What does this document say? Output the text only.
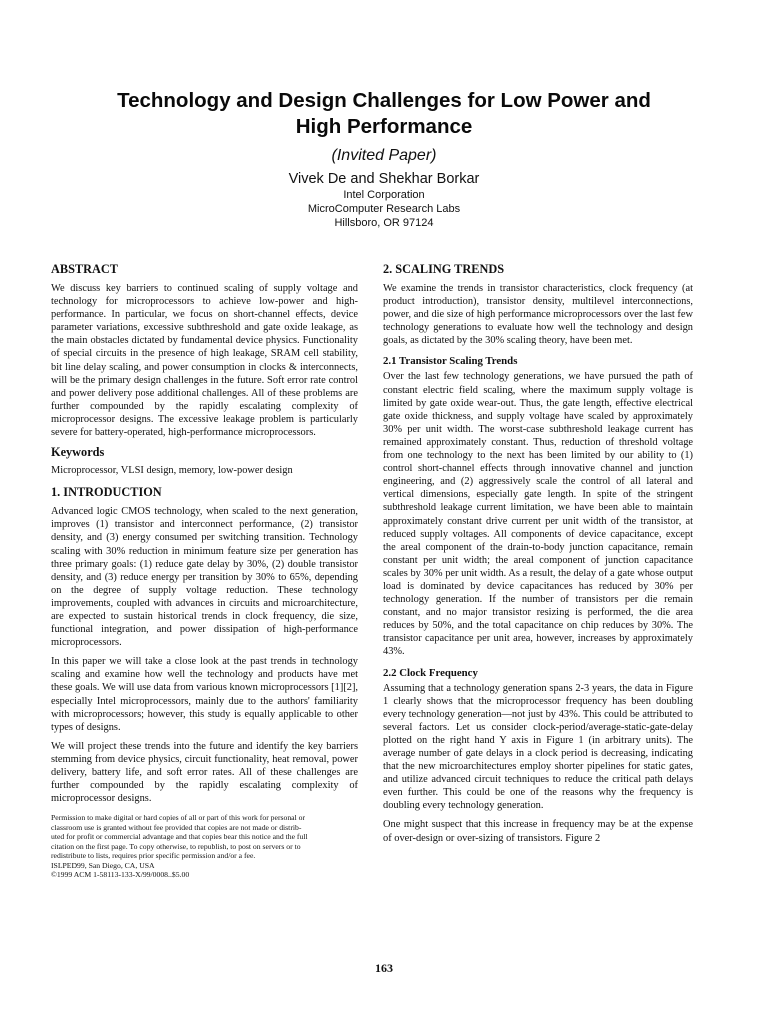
Technology and Design Challenges for Low Power and
High Performance
(Invited Paper)
Vivek De and Shekhar Borkar
Intel Corporation
MicroComputer Research Labs
Hillsboro, OR 97124
ABSTRACT

We discuss key barriers to continued scaling of supply voltage and technology for microprocessors to achieve low-power and high-performance. In particular, we focus on short-channel effects, device parameter variations, excessive subthreshold and gate oxide leakage, as the main obstacles dictated by fundamental device physics. Functionality of special circuits in the presence of high leakage, SRAM cell stability, bit line delay scaling, and power consumption in clocks & interconnects, will be the primary design challenges in the future. Soft error rate control and power delivery pose additional challenges. All of these problems are further compounded by the rapidly escalating complexity of microprocessor designs. The excessive leakage problem is particularly severe for battery-operated, high-performance microprocessors.

Keywords

Microprocessor, VLSI design, memory, low-power design

1. INTRODUCTION

Advanced logic CMOS technology, when scaled to the next generation, improves (1) transistor and interconnect performance, (2) transistor density, and (3) energy consumed per switching transition. Technology scaling with 30% reduction in minimum feature size per generation has three primary goals: (1) reduce gate delay by 30%, (2) double transistor density, and (3) reduce energy per transition by 30% to 65%, depending on the degree of supply voltage reduction. These technology improvements, coupled with advances in circuits and microarchitecture, are expected to sustain historical trends in clock frequency, die size, functional integration, and power dissipation of high-performance microprocessors.

In this paper we will take a close look at the past trends in technology scaling and examine how well the technology and products have met these goals. We will use data from various known microprocessors [1][2], especially Intel microprocessors, mainly due to the authors' familiarity with microprocessors; however, this study is equally applicable to other types of designs.

We will project these trends into the future and identify the key barriers stemming from device physics, circuit functionality, heat removal, power delivery, battery life, and soft error rates. All of these challenges are further compounded by the rapidly escalating complexity of microprocessor designs.

Permission to make digital or hard copies of all or part of this work for personal or
classroom use is granted without fee provided that copies are not made or distrib-
uted for profit or commercial advantage and that copies bear this notice and the full
citation on the first page. To copy otherwise, to republish, to post on servers or to
redistribute to lists, requires prior specific permission and/or a fee.
ISLPED99, San Diego, CA, USA
©1999 ACM 1-58113-133-X/99/0008..$5.00
2. SCALING TRENDS

We examine the trends in transistor characteristics, clock frequency (at product introduction), transistor density, multilevel interconnections, power, and die size of high performance microprocessors over the last few technology generations to evaluate how well the technology and design goals, as dictated by the 30% scaling theory, have been met.

2.1 Transistor Scaling Trends

Over the last few technology generations, we have pursued the path of constant electric field scaling, where the maximum supply voltage is limited by gate oxide wear-out. Thus, the gate length, effective electrical gate oxide thickness, and supply voltage have scaled by approximately 30% per unit width. The worst-case subthreshold leakage current has remained approximately constant. Thus, reduction of threshold voltage from one technology to the next has been limited by our ability to (1) control short-channel effects through innovative channel and junction engineering, and (2) aggressively scale the control of all lateral and vertical dimensions, especially gate length. In spite of the stringent subthreshold leakage current limitation, we have been able to maintain approximately constant drive current per unit width of the transistor, at reduced supply voltages. All components of device capacitance, except the areal component of the drain-to-body junction capacitance, remain constant per unit width; the areal component of junction capacitance scales by 30% per unit width. As a result, the delay of a gate whose output load is dominated by device capacitances has reduced by 30% per technology generation. If the number of transistors per die remain constant, and no major transistor resizing is performed, the die area reduces by 50%, and the total capacitance on chip reduces by 30%. The transistor capacitance per unit area, however, increases by approximately 43%.

2.2 Clock Frequency

Assuming that a technology generation spans 2-3 years, the data in Figure 1 clearly shows that the microprocessor frequency has been doubling every technology generation—not just by 43%. This could be attributed to several factors. Let us consider clock-period/average-static-gate-delay plotted on the right hand Y axis in Figure 1 (in arbitrary units). The average number of gate delays in a clock period is decreasing, indicating that the new microarchitectures employ shorter pipelines for static gates, and utilize advanced circuit techniques to reduce the critical path delays even further. This could be one of the reasons why the frequency is doubling every technology generation.

One might suspect that this increase in frequency may be at the expense of over-design or over-sizing of transistors. Figure 2

163
